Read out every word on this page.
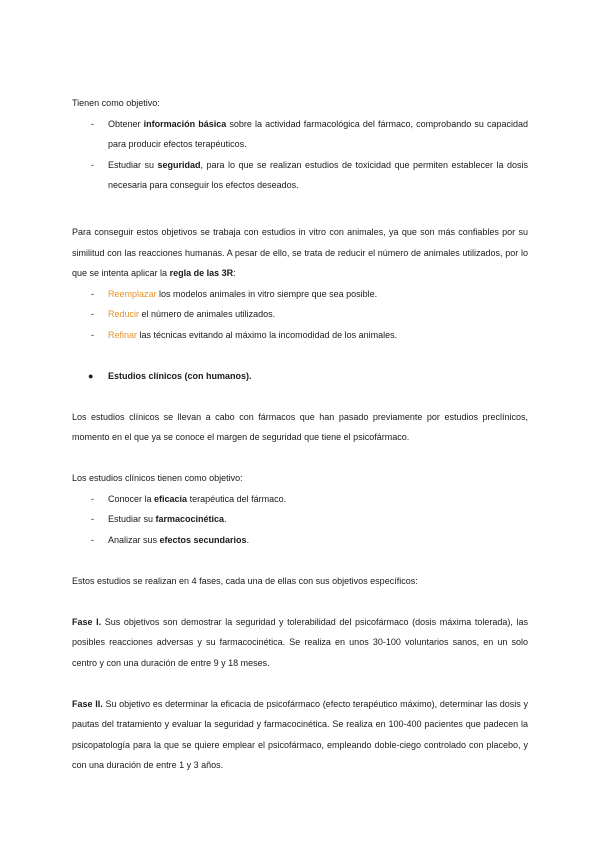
Tienen como objetivo:

- Obtener información básica sobre la actividad farmacológica del fármaco, comprobando su capacidad para producir efectos terapéuticos.
- Estudiar su seguridad, para lo que se realizan estudios de toxicidad que permiten establecer la dosis necesaria para conseguir los efectos deseados.

Para conseguir estos objetivos se trabaja con estudios in vitro con animales, ya que son más confiables por su similitud con las reacciones humanas. A pesar de ello, se trata de reducir el número de animales utilizados, por lo que se intenta aplicar la regla de las 3R:

- Reemplazar los modelos animales in vitro siempre que sea posible.
- Reducir el número de animales utilizados.
- Refinar las técnicas evitando al máximo la incomodidad de los animales.
● Estudios clínicos (con humanos).

Los estudios clínicos se llevan a cabo con fármacos que han pasado previamente por estudios preclínicos, momento en el que ya se conoce el margen de seguridad que tiene el psicofármaco.

Los estudios clínicos tienen como objetivo:

- Conocer la eficacia terapéutica del fármaco.
- Estudiar su farmacocinética.
- Analizar sus efectos secundarios.

Estos estudios se realizan en 4 fases, cada una de ellas con sus objetivos específicos:

Fase I. Sus objetivos son demostrar la seguridad y tolerabilidad del psicofármaco (dosis máxima tolerada), las posibles reacciones adversas y su farmacocinética. Se realiza en unos 30-100 voluntarios sanos, en un solo centro y con una duración de entre 9 y 18 meses.

Fase II. Su objetivo es determinar la eficacia de psicofármaco (efecto terapéutico máximo), determinar las dosis y pautas del tratamiento y evaluar la seguridad y farmacocinética. Se realiza en 100-400 pacientes que padecen la psicopatología para la que se quiere emplear el psicofármaco, empleando doble-ciego controlado con placebo, y con una duración de entre 1 y 3 años.
